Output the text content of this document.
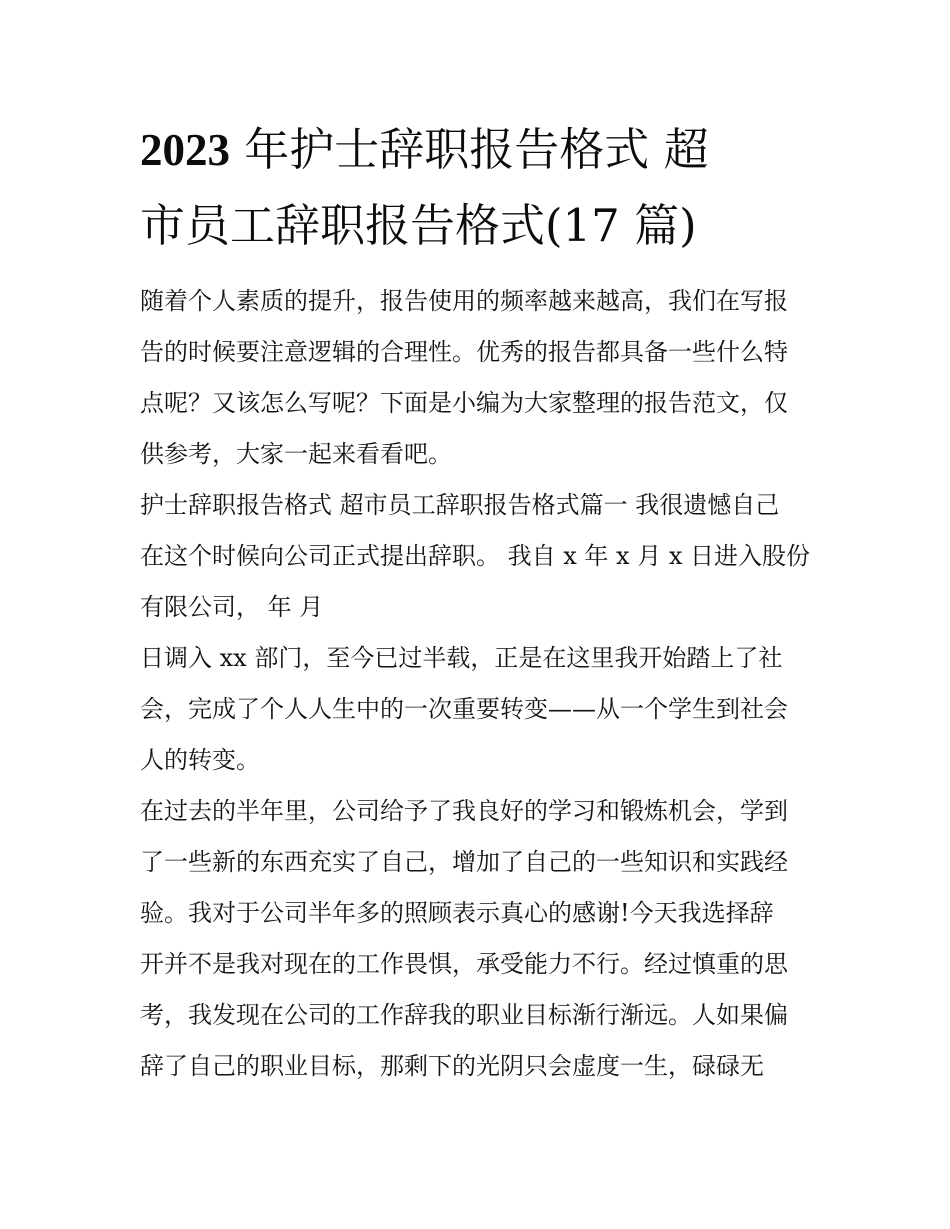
2023 年护士辞职报告格式 超
市员工辞职报告格式(17 篇)
随着个人素质的提升，报告使用的频率越来越高，我们在写报
告的时候要注意逻辑的合理性。优秀的报告都具备一些什么特
点呢？又该怎么写呢？下面是小编为大家整理的报告范文，仅
供参考，大家一起来看看吧。
护士辞职报告格式 超市员工辞职报告格式篇一 我很遗憾自己
在这个时候向公司正式提出辞职。 我自 x 年 x 月 x 日进入股份
有限公司， 年 月
日调入 xx 部门，至今已过半载，正是在这里我开始踏上了社
会，完成了个人人生中的一次重要转变——从一个学生到社会
人的转变。
在过去的半年里，公司给予了我良好的学习和锻炼机会，学到
了一些新的东西充实了自己，增加了自己的一些知识和实践经
验。我对于公司半年多的照顾表示真心的感谢!今天我选择辞
开并不是我对现在的工作畏惧，承受能力不行。经过慎重的思
考，我发现在公司的工作辞我的职业目标渐行渐远。人如果偏
辞了自己的职业目标，那剩下的光阴只会虚度一生，碌碌无
